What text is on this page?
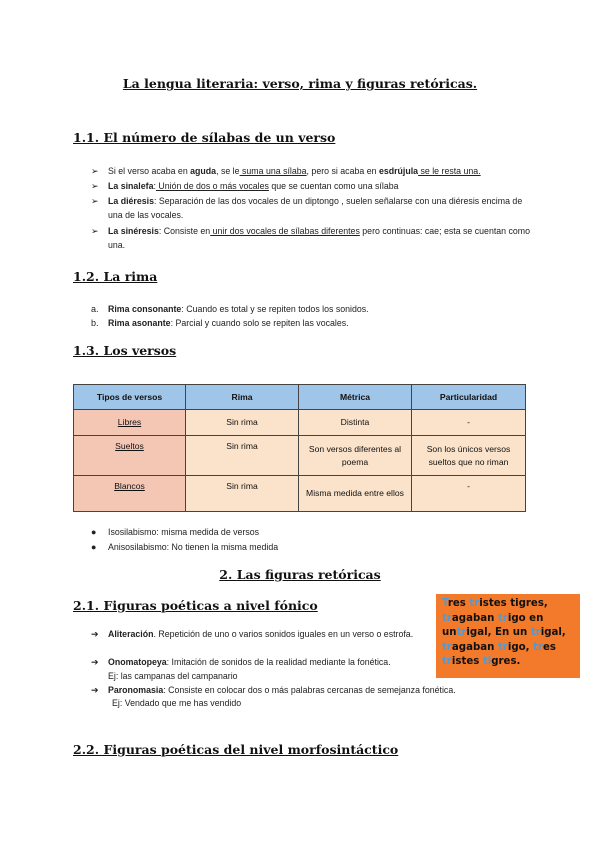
La lengua literaria: verso, rima y figuras retóricas.
1.1. El número de sílabas de un verso
➢	Si el verso acaba en aguda, se le suma una sílaba, pero si acaba en esdrújula se le resta una.
➢	La sinalefa: Unión de dos o más vocales que se cuentan como una sílaba
➢	La diéresis: Separación de las dos vocales de un diptongo , suelen señalarse con una diéresis encima de una de las vocales.
➢	La sinéresis: Consiste en unir dos vocales de sílabas diferentes pero continuas: cae; esta se cuentan como una.
1.2. La rima
a.	Rima consonante: Cuando es total y se repiten todos los sonidos.
b.	Rima asonante: Parcial y cuando solo se repiten las vocales.
1.3. Los versos
Tipos de versos	Rima	Métrica	Particularidad
Libres	Sin rima	Distinta	-
Sueltos	Sin rima	Son versos diferentes al poema	Son los únicos versos sueltos que no riman
Blancos	Sin rima	Misma medida entre ellos	-
●	Isosilabismo: misma medida de versos
●	Anisosilabismo: No tienen la misma medida
2. Las figuras retóricas
2.1. Figuras poéticas a nivel fónico
➔	Aliteración. Repetición de uno o varios sonidos iguales en un verso o estrofa.
➔	Onomatopeya: Imitación de sonidos de la realidad mediante la fonética.
Ej: las campanas del campanario
➔	Paronomasia: Consiste en colocar dos o más palabras cercanas de semejanza fonética.
Ej: Vendado que me has vendido
Tres tristes tigres,
tragaban trigo en
untrigal, En un trigal,
tragaban trigo, tres
tristes tigres.
2.2. Figuras poéticas del nivel morfosintáctico
